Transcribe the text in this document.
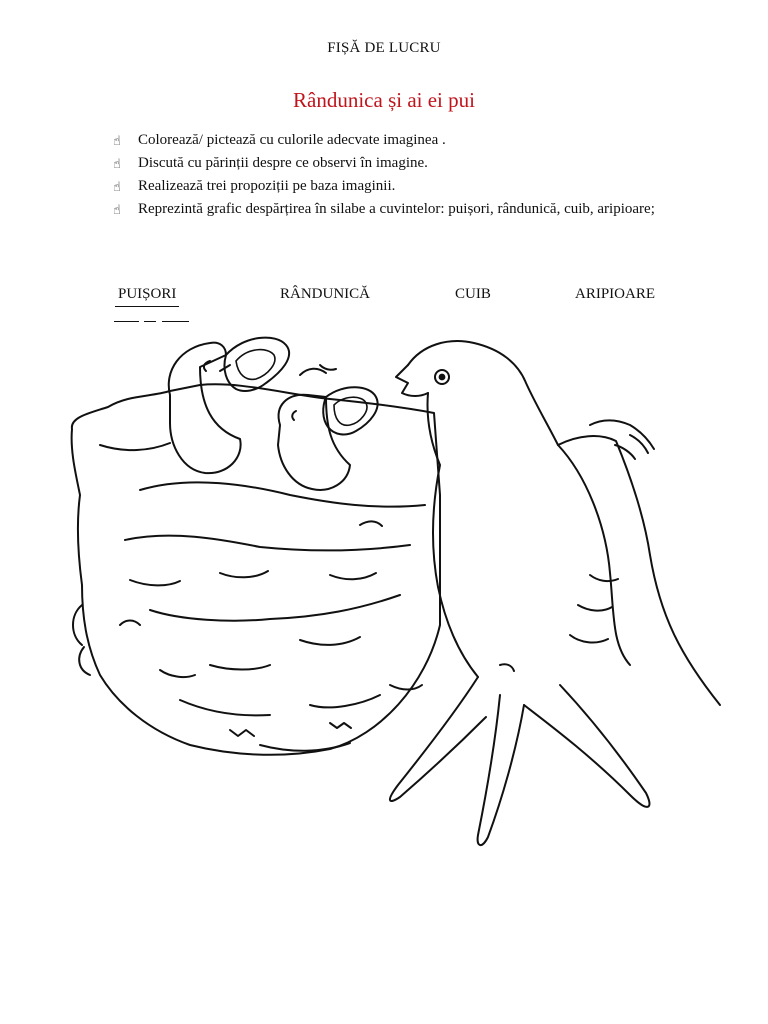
FIȘĂ DE LUCRU
Rândunica și ai ei pui
☝ Colorează/ pictează cu culorile adecvate imaginea .
☝ Discută cu părinții despre ce observi în imagine.
☝ Realizează trei propoziții pe baza imaginii.
☝ Reprezintă grafic despărțirea în silabe a cuvintelor: puișori, rândunică, cuib, aripioare;
PUIȘORI	RÂNDUNICĂ	CUIB	ARIPIOARE
